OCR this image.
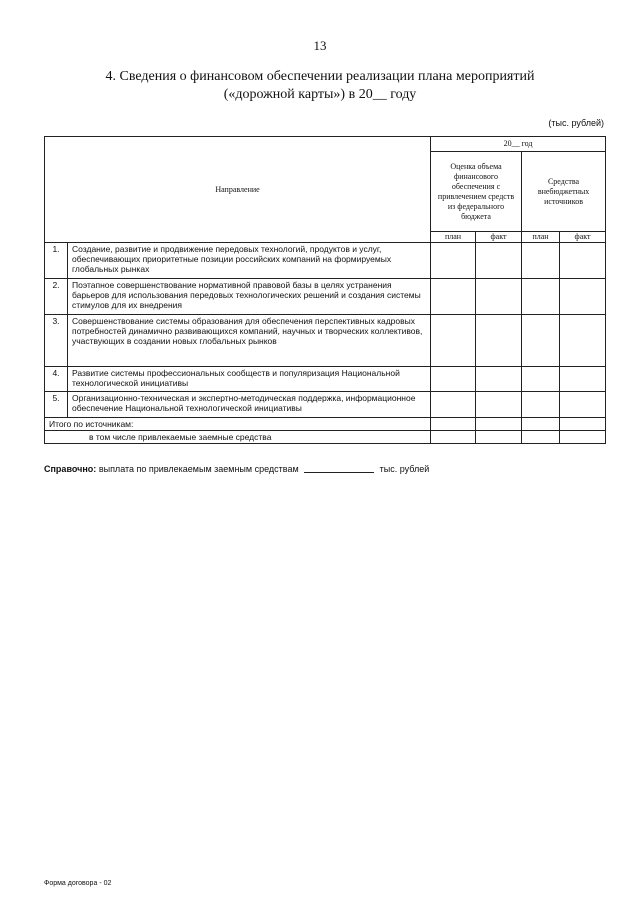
13
4. Сведения о финансовом обеспечении реализации плана мероприятий
(«дорожной карты») в 20__ году
(тыс. рублей)
Направление		20__ год			
		Оценка объема финансового обеспечения с привлечением средств из федерального бюджета		Средства внебюджетных источников	
		план	факт	план	факт
1.	Создание, развитие и продвижение передовых технологий, продуктов и услуг, обеспечивающих приоритетные позиции российских компаний на формируемых глобальных рынках				
2.	Поэтапное совершенствование нормативной правовой базы в целях устранения барьеров для использования передовых технологических решений и создания системы стимулов для их внедрения				
3.	Совершенствование системы образования для обеспечения перспективных кадровых потребностей динамично развивающихся компаний, научных и творческих коллективов, участвующих в создании новых глобальных рынков				
4.	Развитие системы профессиональных сообществ и популяризация Национальной технологической инициативы				
5.	Организационно-техническая и экспертно-методическая поддержка, информационное обеспечение Национальной технологической инициативы				
Итого по источникам:					
в том числе привлекаемые заемные средства					
Справочно: выплата по привлекаемым заемным средствам	тыс. рублей
Форма договора - 02
